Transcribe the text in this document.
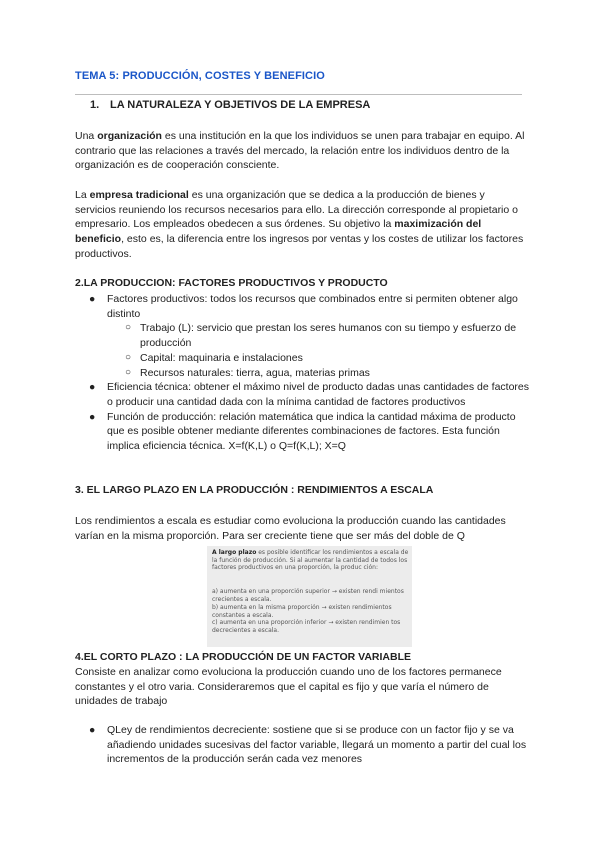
TEMA 5: PRODUCCIÓN, COSTES Y BENEFICIO
1. LA NATURALEZA Y OBJETIVOS DE LA EMPRESA
Una organización es una institución en la que los individuos se unen para trabajar en equipo. Al contrario que las relaciones a través del mercado, la relación entre los individuos dentro de la organización es de cooperación consciente.
La empresa tradicional es una organización que se dedica a la producción de bienes y servicios reuniendo los recursos necesarios para ello. La dirección corresponde al propietario o empresario. Los empleados obedecen a sus órdenes. Su objetivo la maximización del beneficio, esto es, la diferencia entre los ingresos por ventas y los costes de utilizar los factores productivos.
2.LA PRODUCCION: FACTORES PRODUCTIVOS Y PRODUCTO
● Factores productivos: todos los recursos que combinados entre si permiten obtener algo distinto
○ Trabajo (L): servicio que prestan los seres humanos con su tiempo y esfuerzo de producción
○ Capital: maquinaria e instalaciones
○ Recursos naturales: tierra, agua, materias primas
● Eficiencia técnica: obtener el máximo nivel de producto dadas unas cantidades de factores o producir una cantidad dada con la mínima cantidad de factores productivos
● Función de producción: relación matemática que indica la cantidad máxima de producto que es posible obtener mediante diferentes combinaciones de factores. Esta función implica eficiencia técnica. X=f(K,L) o Q=f(K,L); X=Q
3. EL LARGO PLAZO EN LA PRODUCCIÓN : RENDIMIENTOS A ESCALA
Los rendimientos a escala es estudiar como evoluciona la producción cuando las cantidades varían en la misma proporción. Para ser creciente tiene que ser más del doble de Q
A largo plazo es posible identificar los rendimientos a escala de la función de producción. Si al aumentar la cantidad de todos los factores productivos en una proporción, la produc ción:
a) aumenta en una proporción superior → existen rendi mientos crecientes a escala.
b) aumenta en la misma proporción → existen rendimientos constantes a escala.
c) aumenta en una proporción inferior → existen rendimien tos decrecientes a escala.
4.EL CORTO PLAZO : LA PRODUCCIÓN DE UN FACTOR VARIABLE
Consiste en analizar como evoluciona la producción cuando uno de los factores permanece constantes y el otro varia. Consideraremos que el capital es fijo y que varía el número de unidades de trabajo
● QLey de rendimientos decreciente: sostiene que si se produce con un factor fijo y se va añadiendo unidades sucesivas del factor variable, llegará un momento a partir del cual los incrementos de la producción serán cada vez menores
